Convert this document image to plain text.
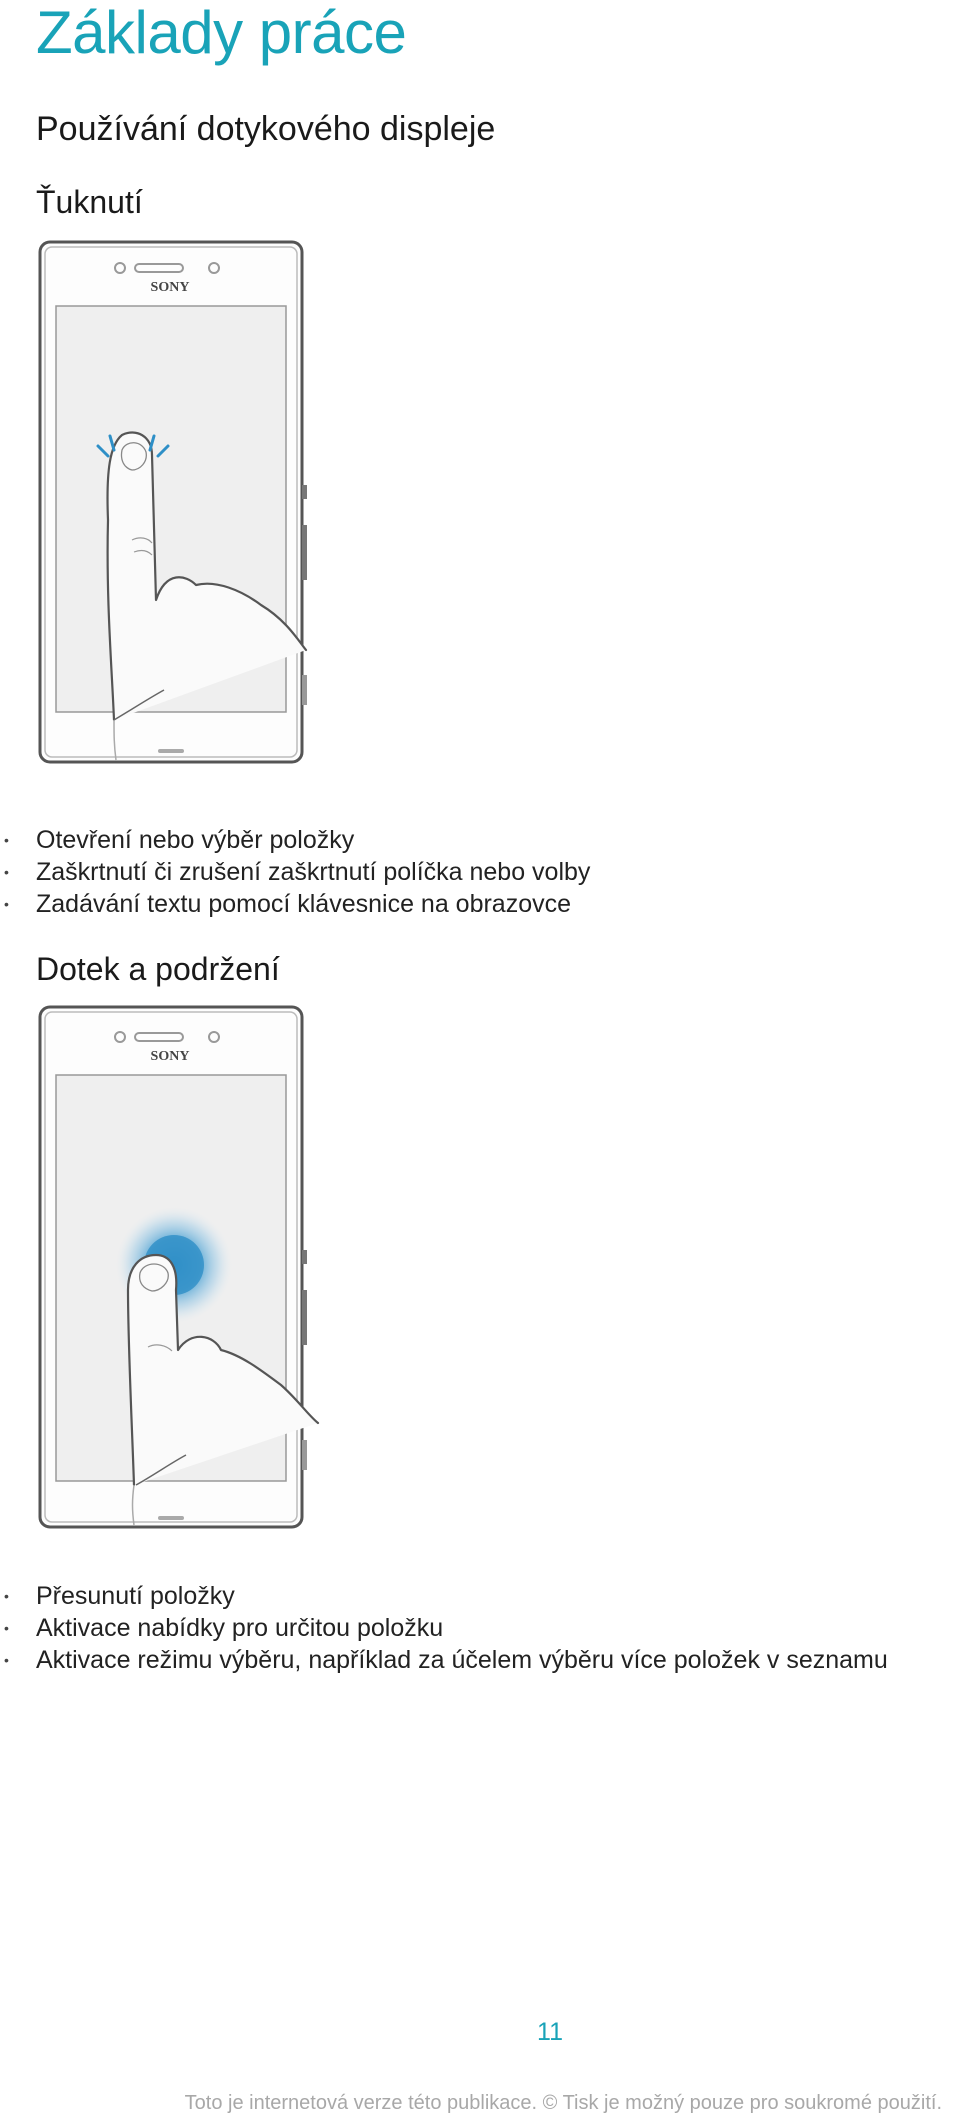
Základy práce
Používání dotykového displeje
Ťuknutí
SONY
• Otevření nebo výběr položky
• Zaškrtnutí či zrušení zaškrtnutí políčka nebo volby
• Zadávání textu pomocí klávesnice na obrazovce
Dotek a podržení
SONY
• Přesunutí položky
• Aktivace nabídky pro určitou položku
• Aktivace režimu výběru, například za účelem výběru více položek v seznamu
11
Toto je internetová verze této publikace. © Tisk je možný pouze pro soukromé použití.
